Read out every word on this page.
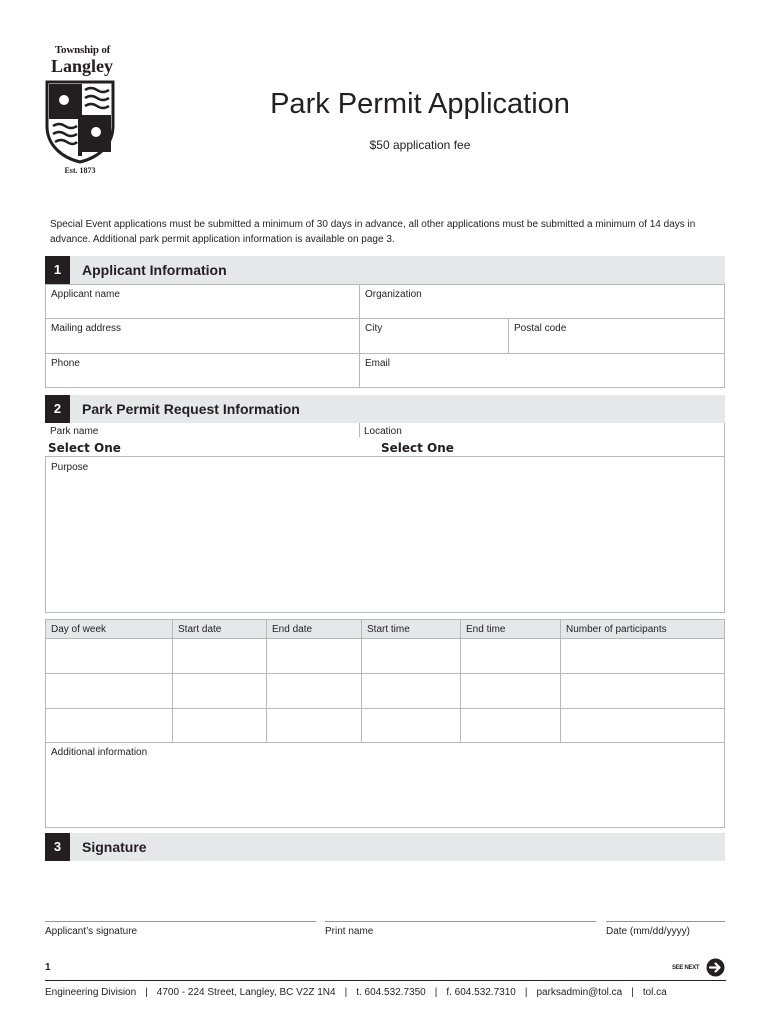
Township of
Langley
Est. 1873
Park Permit Application
$50 application fee
Special Event applications must be submitted a minimum of 30 days in advance, all other applications must be submitted a minimum of 14 days in advance. Additional park permit application information is available on page 3.
1	Applicant Information
Applicant name	Organization
Mailing address	City	Postal code
Phone	Email
2	Park Permit Request Information
Park name
Select One
Location
Select One
Purpose
Day of week	Start date	End date	Start time	End time	Number of participants
Additional information
3	Signature
Applicant’s signature	Print name	Date (mm/dd/yyyy)
1	SEE NEXT
Engineering Division | 4700 - 224 Street, Langley, BC V2Z 1N4 | t. 604.532.7350 | f. 604.532.7310 | parksadmin@tol.ca | tol.ca
